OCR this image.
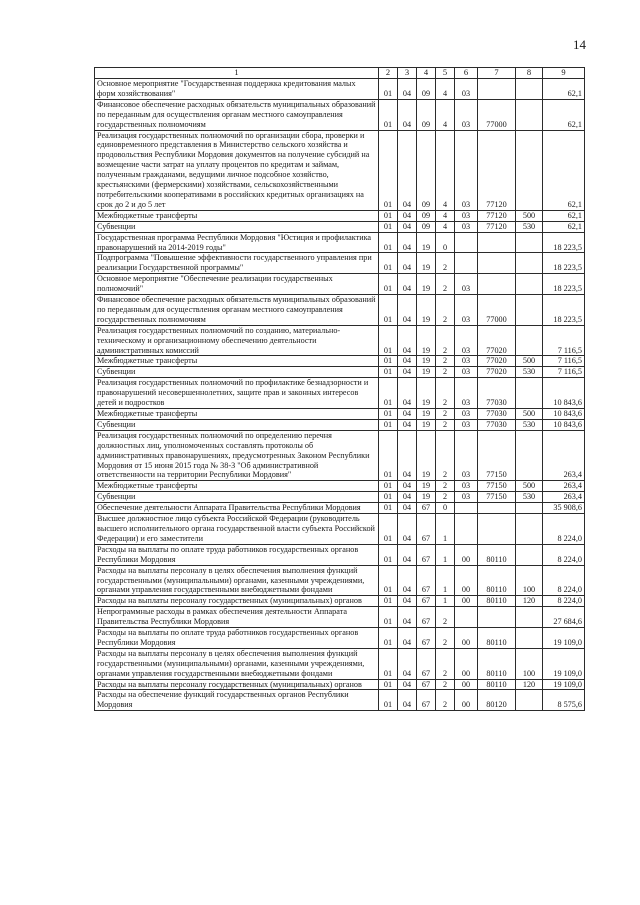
14
1	2	3	4	5	6	7	8	9
Основное мероприятие "Государственная поддержка кредитования малых форм хозяйствования"	01	04	09	4	03			62,1
Финансовое обеспечение расходных обязательств муниципальных образований по переданным для осуществления органам местного самоуправления государственных полномочиям	01	04	09	4	03	77000		62,1
Реализация государственных полномочий по организации сбора, проверки и единовременного представления в Министерство сельского хозяйства и продовольствия Республики Мордовия документов на получение субсидий на возмещение части затрат на уплату процентов по кредитам и займам, полученным гражданами, ведущими личное подсобное хозяйство, крестьянскими (фермерскими) хозяйствами, сельскохозяйственными потребительскими кооперативами в российских кредитных организациях на срок до 2 и до 5 лет	01	04	09	4	03	77120		62,1
Межбюджетные трансферты	01	04	09	4	03	77120	500	62,1
Субвенции	01	04	09	4	03	77120	530	62,1
Государственная программа Республики Мордовия "Юстиция и профилактика правонарушений на 2014-2019 годы"	01	04	19	0				18 223,5
Подпрограмма "Повышение эффективности государственного управления при реализации Государственной программы"	01	04	19	2				18 223,5
Основное мероприятие "Обеспечение реализации государственных полномочий"	01	04	19	2	03			18 223,5
Финансовое обеспечение расходных обязательств муниципальных образований по переданным для осуществления органам местного самоуправления государственных полномочиям	01	04	19	2	03	77000		18 223,5
Реализация государственных полномочий по созданию, материально-техническому и организационному обеспечению деятельности административных комиссий	01	04	19	2	03	77020		7 116,5
Межбюджетные трансферты	01	04	19	2	03	77020	500	7 116,5
Субвенции	01	04	19	2	03	77020	530	7 116,5
Реализация государственных полномочий по профилактике безнадзорности и правонарушений несовершеннолетних, защите прав и законных интересов детей и подростков	01	04	19	2	03	77030		10 843,6
Межбюджетные трансферты	01	04	19	2	03	77030	500	10 843,6
Субвенции	01	04	19	2	03	77030	530	10 843,6
Реализация государственных полномочий по определению перечня должностных лиц, уполномоченных составлять протоколы об административных правонарушениях, предусмотренных Законом Республики Мордовия от 15 июня 2015 года № 38-З "Об административной ответственности на территории Республики Мордовия"	01	04	19	2	03	77150		263,4
Межбюджетные трансферты	01	04	19	2	03	77150	500	263,4
Субвенции	01	04	19	2	03	77150	530	263,4
Обеспечение деятельности Аппарата Правительства Республики Мордовия	01	04	67	0				35 908,6
Высшее должностное лицо субъекта Российской Федерации (руководитель высшего исполнительного органа государственной власти субъекта Российской Федерации) и его заместители	01	04	67	1				8 224,0
Расходы на выплаты по оплате труда работников государственных органов Республики Мордовия	01	04	67	1	00	80110		8 224,0
Расходы на выплаты персоналу в целях обеспечения выполнения функций государственными (муниципальными) органами, казенными учреждениями, органами управления государственными внебюджетными фондами	01	04	67	1	00	80110	100	8 224,0
Расходы на выплаты персоналу государственных (муниципальных) органов	01	04	67	1	00	80110	120	8 224,0
Непрограммные расходы в рамках обеспечения деятельности Аппарата Правительства Республики Мордовия	01	04	67	2				27 684,6
Расходы на выплаты по оплате труда работников государственных органов Республики Мордовия	01	04	67	2	00	80110		19 109,0
Расходы на выплаты персоналу в целях обеспечения выполнения функций государственными (муниципальными) органами, казенными учреждениями, органами управления государственными внебюджетными фондами	01	04	67	2	00	80110	100	19 109,0
Расходы на выплаты персоналу государственных (муниципальных) органов	01	04	67	2	00	80110	120	19 109,0
Расходы на обеспечение функций государственных органов Республики Мордовия	01	04	67	2	00	80120		8 575,6
